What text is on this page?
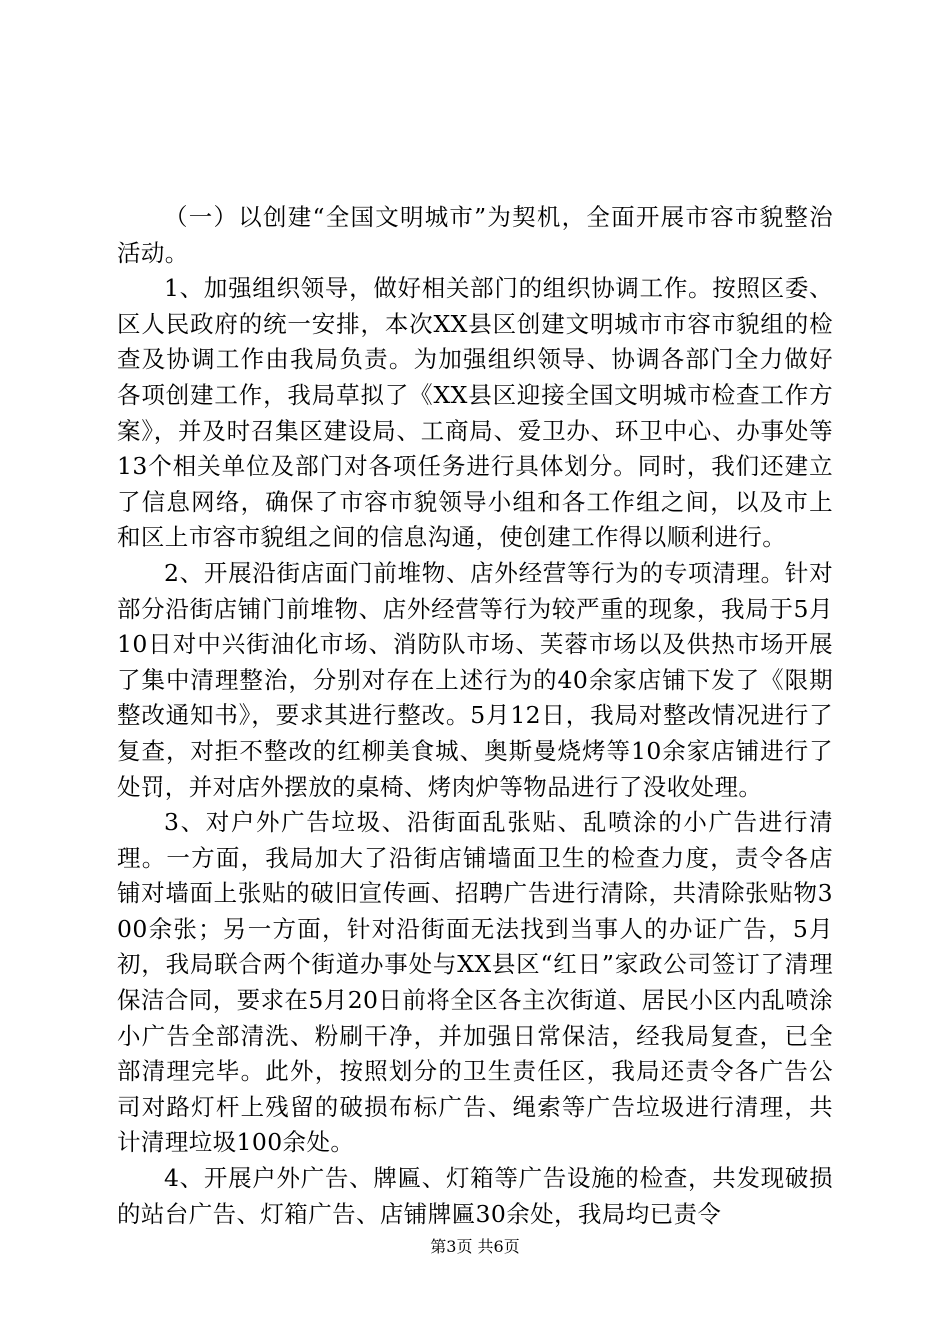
（一）以创建“全国文明城市”为契机，全面开展市容市貌整治活动。

1、加强组织领导，做好相关部门的组织协调工作。按照区委、区人民政府的统一安排，本次XX县区创建文明城市市容市貌组的检查及协调工作由我局负责。为加强组织领导、协调各部门全力做好各项创建工作，我局草拟了《XX县区迎接全国文明城市检查工作方案》，并及时召集区建设局、工商局、爱卫办、环卫中心、办事处等13个相关单位及部门对各项任务进行具体划分。同时，我们还建立了信息网络，确保了市容市貌领导小组和各工作组之间，以及市上和区上市容市貌组之间的信息沟通，使创建工作得以顺利进行。

2、开展沿街店面门前堆物、店外经营等行为的专项清理。针对部分沿街店铺门前堆物、店外经营等行为较严重的现象，我局于5月10日对中兴街油化市场、消防队市场、芙蓉市场以及供热市场开展了集中清理整治，分别对存在上述行为的40余家店铺下发了《限期整改通知书》，要求其进行整改。5月12日，我局对整改情况进行了复查，对拒不整改的红柳美食城、奥斯曼烧烤等10余家店铺进行了处罚，并对店外摆放的桌椅、烤肉炉等物品进行了没收处理。

3、对户外广告垃圾、沿街面乱张贴、乱喷涂的小广告进行清理。一方面，我局加大了沿街店铺墙面卫生的检查力度，责令各店铺对墙面上张贴的破旧宣传画、招聘广告进行清除，共清除张贴物300余张；另一方面，针对沿街面无法找到当事人的办证广告，5月初，我局联合两个街道办事处与XX县区“红日”家政公司签订了清理保洁合同，要求在5月20日前将全区各主次街道、居民小区内乱喷涂小广告全部清洗、粉刷干净，并加强日常保洁，经我局复查，已全部清理完毕。此外，按照划分的卫生责任区，我局还责令各广告公司对路灯杆上残留的破损布标广告、绳索等广告垃圾进行清理，共计清理垃圾100余处。

4、开展户外广告、牌匾、灯箱等广告设施的检查，共发现破损的站台广告、灯箱广告、店铺牌匾30余处，我局均已责令

第3页 共6页
